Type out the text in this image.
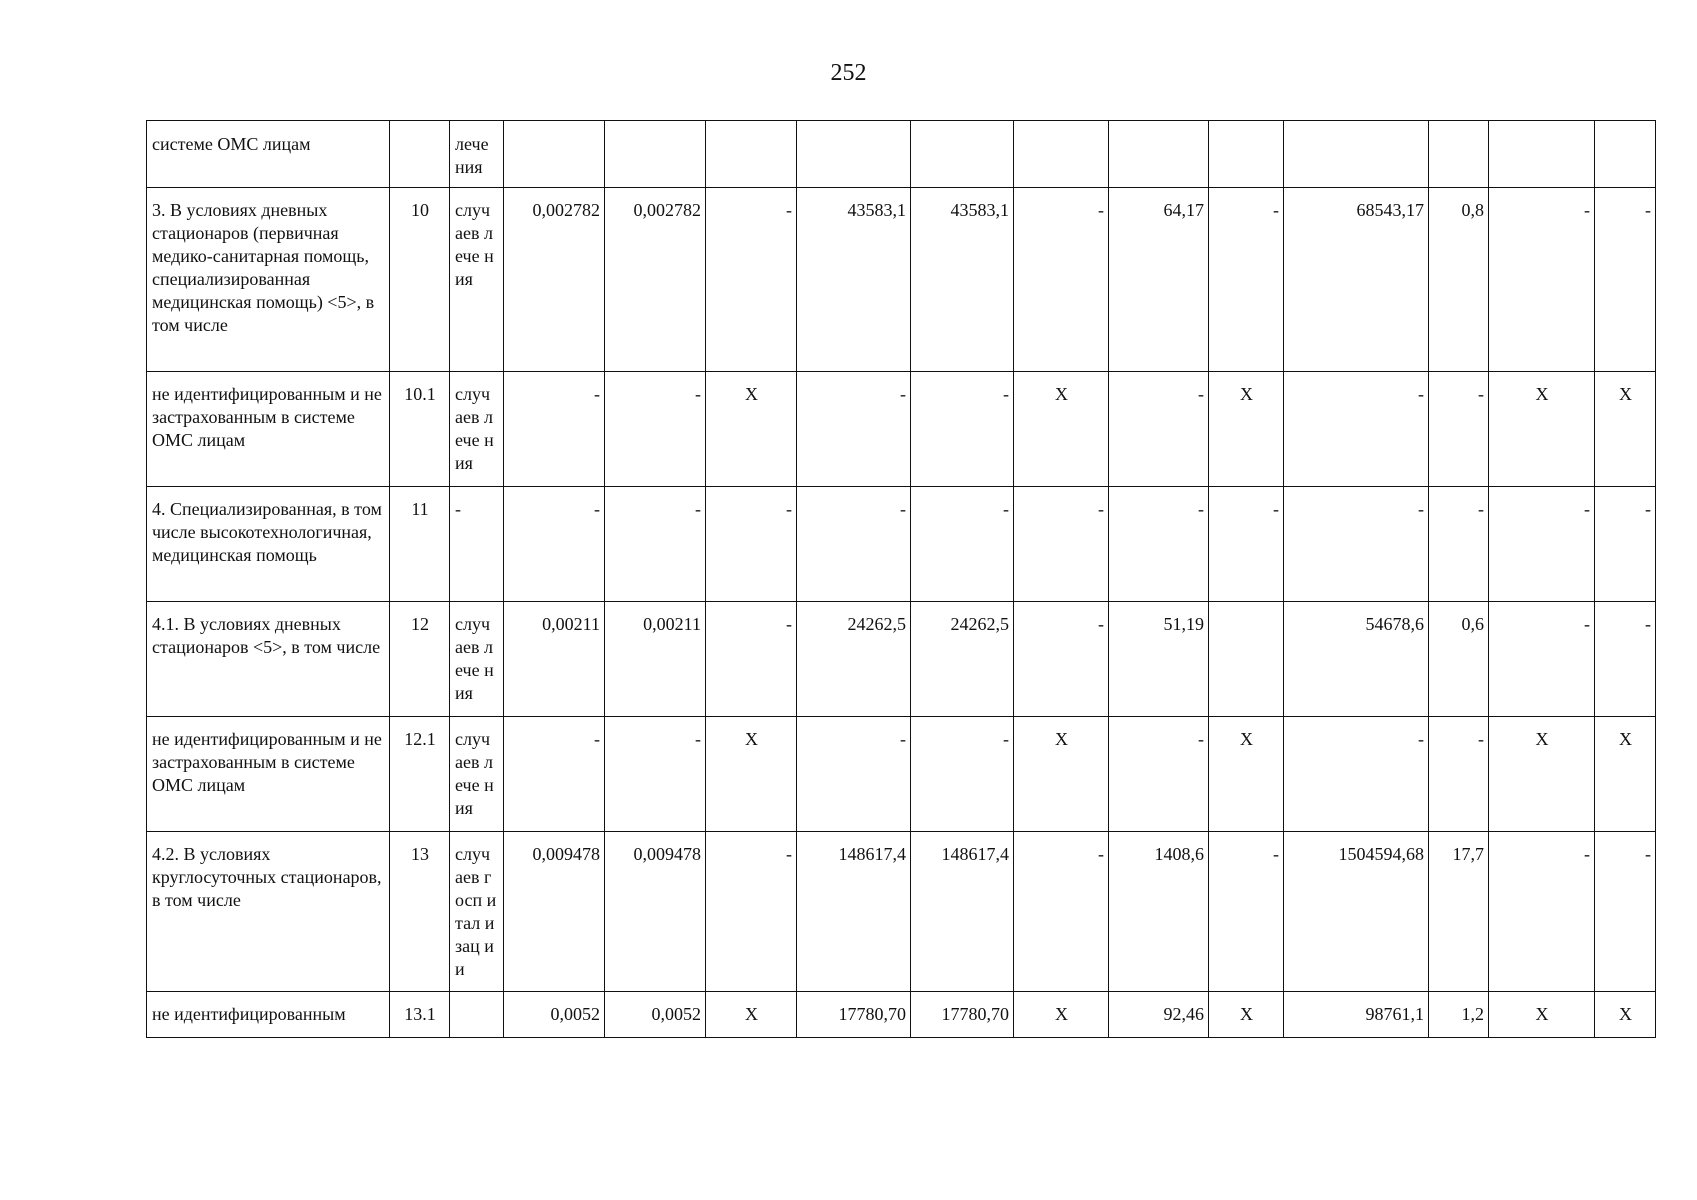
252
системе ОМС лицам		лече ния												
3. В условиях дневных стационаров (первичная медико-санитарная помощь, специализированная медицинская помощь) <5>, в том числе	10	случ аев лече ния	0,002782	0,002782	-	43583,1	43583,1	-	64,17	-	68543,17	0,8	-	-
не идентифицированным и не застрахованным в системе ОМС лицам	10.1	случ аев лече ния	-	-	Х	-	-	Х	-	Х	-	-	Х	Х
4. Специализированная, в том числе высокотехнологичная, медицинская помощь	11	-	-	-	-	-	-	-	-	-	-	-	-	-
4.1. В условиях дневных стационаров <5>, в том числе	12	случ аев лече ния	0,00211	0,00211	-	24262,5	24262,5	-	51,19		54678,6	0,6	-	-
не идентифицированным и не застрахованным в системе ОМС лицам	12.1	случ аев лече ния	-	-	Х	-	-	Х	-	Х	-	-	Х	Х
4.2. В условиях круглосуточных стационаров, в том числе	13	случ аев госп итал изац ии	0,009478	0,009478	-	148617,4	148617,4	-	1408,6	-	1504594,68	17,7	-	-
не идентифицированным	13.1		0,0052	0,0052	Х	17780,70	17780,70	Х	92,46	Х	98761,1	1,2	Х	Х
